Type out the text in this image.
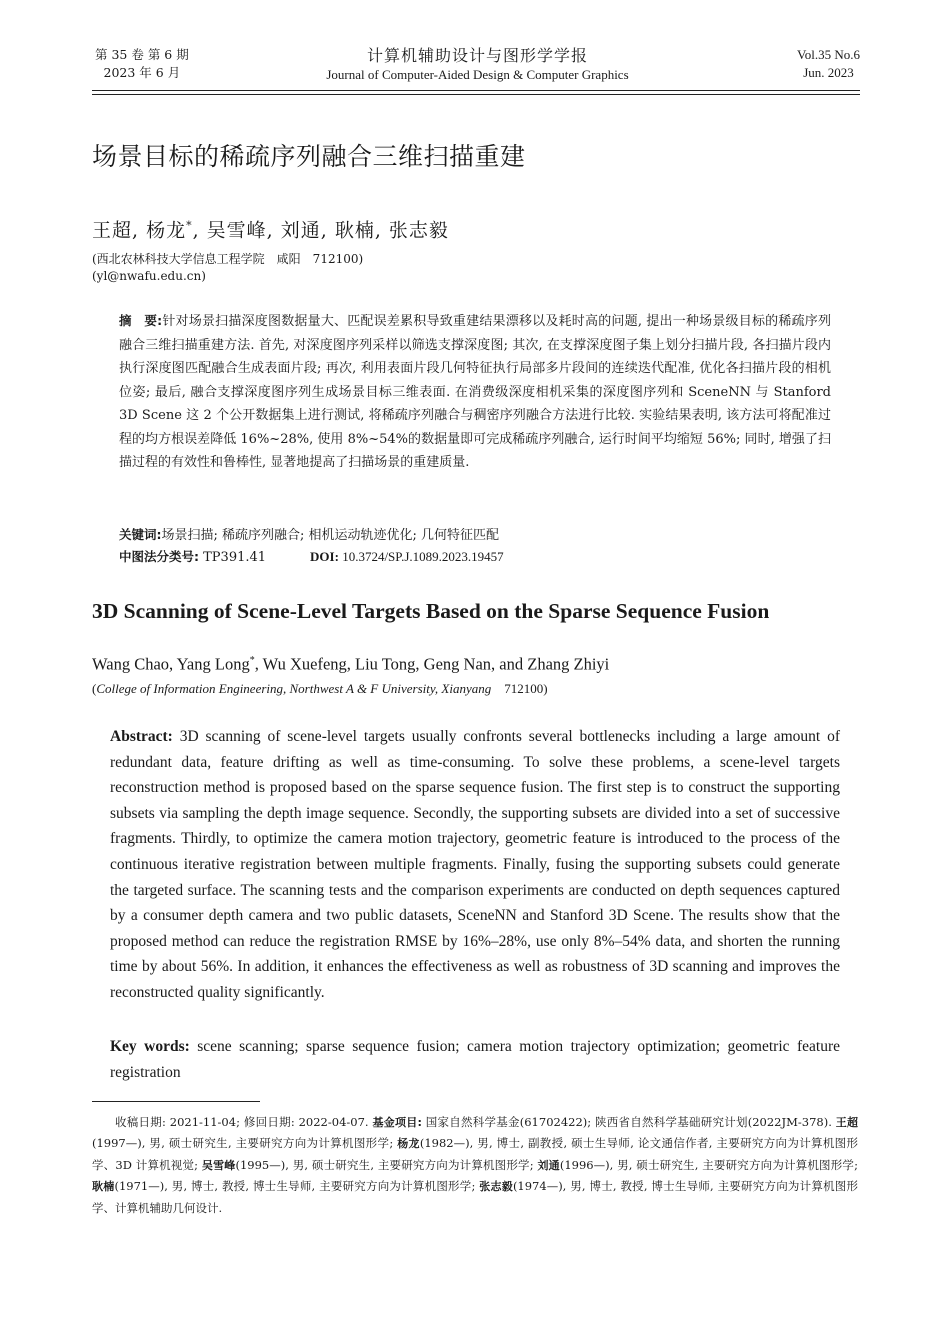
第 35 卷 第 6 期
2023 年 6 月
计算机辅助设计与图形学学报
Journal of Computer-Aided Design & Computer Graphics
Vol.35 No.6
Jun. 2023
场景目标的稀疏序列融合三维扫描重建
王超, 杨龙*, 吴雪峰, 刘通, 耿楠, 张志毅
(西北农林科技大学信息工程学院　咸阳　712100)
(yl@nwafu.edu.cn)
摘　要:针对场景扫描深度图数据量大、匹配误差累积导致重建结果漂移以及耗时高的问题, 提出一种场景级目标的稀疏序列融合三维扫描重建方法. 首先, 对深度图序列采样以筛选支撑深度图; 其次, 在支撑深度图子集上划分扫描片段, 各扫描片段内执行深度图匹配融合生成表面片段; 再次, 利用表面片段几何特征执行局部多片段间的连续迭代配准, 优化各扫描片段的相机位姿; 最后, 融合支撑深度图序列生成场景目标三维表面. 在消费级深度相机采集的深度图序列和 SceneNN 与 Stanford 3D Scene 这 2 个公开数据集上进行测试, 将稀疏序列融合与稠密序列融合方法进行比较. 实验结果表明, 该方法可将配准过程的均方根误差降低 16%~28%, 使用 8%~54%的数据量即可完成稀疏序列融合, 运行时间平均缩短 56%; 同时, 增强了扫描过程的有效性和鲁棒性, 显著地提高了扫描场景的重建质量.
关键词:场景扫描; 稀疏序列融合; 相机运动轨迹优化; 几何特征匹配
中图法分类号: TP391.41	DOI: 10.3724/SP.J.1089.2023.19457
3D Scanning of Scene-Level Targets Based on the Sparse Sequence Fusion
Wang Chao, Yang Long*, Wu Xuefeng, Liu Tong, Geng Nan, and Zhang Zhiyi
(College of Information Engineering, Northwest A & F University, Xianyang　712100)
Abstract: 3D scanning of scene-level targets usually confronts several bottlenecks including a large amount of redundant data, feature drifting as well as time-consuming. To solve these problems, a scene-level targets reconstruction method is proposed based on the sparse sequence fusion. The first step is to construct the supporting subsets via sampling the depth image sequence. Secondly, the supporting subsets are divided into a set of successive fragments. Thirdly, to optimize the camera motion trajectory, geometric feature is introduced to the process of the continuous iterative registration between multiple fragments. Finally, fusing the supporting subsets could generate the targeted surface. The scanning tests and the comparison experiments are conducted on depth sequences captured by a consumer depth camera and two public datasets, SceneNN and Stanford 3D Scene. The results show that the proposed method can reduce the registration RMSE by 16%–28%, use only 8%–54% data, and shorten the running time by about 56%. In addition, it enhances the effectiveness as well as robustness of 3D scanning and improves the reconstructed quality significantly.
Key words: scene scanning; sparse sequence fusion; camera motion trajectory optimization; geometric feature registration
收稿日期: 2021-11-04; 修回日期: 2022-04-07. 基金项目: 国家自然科学基金(61702422); 陕西省自然科学基础研究计划(2022JM-378). 王超(1997—), 男, 硕士研究生, 主要研究方向为计算机图形学; 杨龙(1982—), 男, 博士, 副教授, 硕士生导师, 论文通信作者, 主要研究方向为计算机图形学、3D 计算机视觉; 吴雪峰(1995—), 男, 硕士研究生, 主要研究方向为计算机图形学; 刘通(1996—), 男, 硕士研究生, 主要研究方向为计算机图形学; 耿楠(1971—), 男, 博士, 教授, 博士生导师, 主要研究方向为计算机图形学; 张志毅(1974—), 男, 博士, 教授, 博士生导师, 主要研究方向为计算机图形学、计算机辅助几何设计.
